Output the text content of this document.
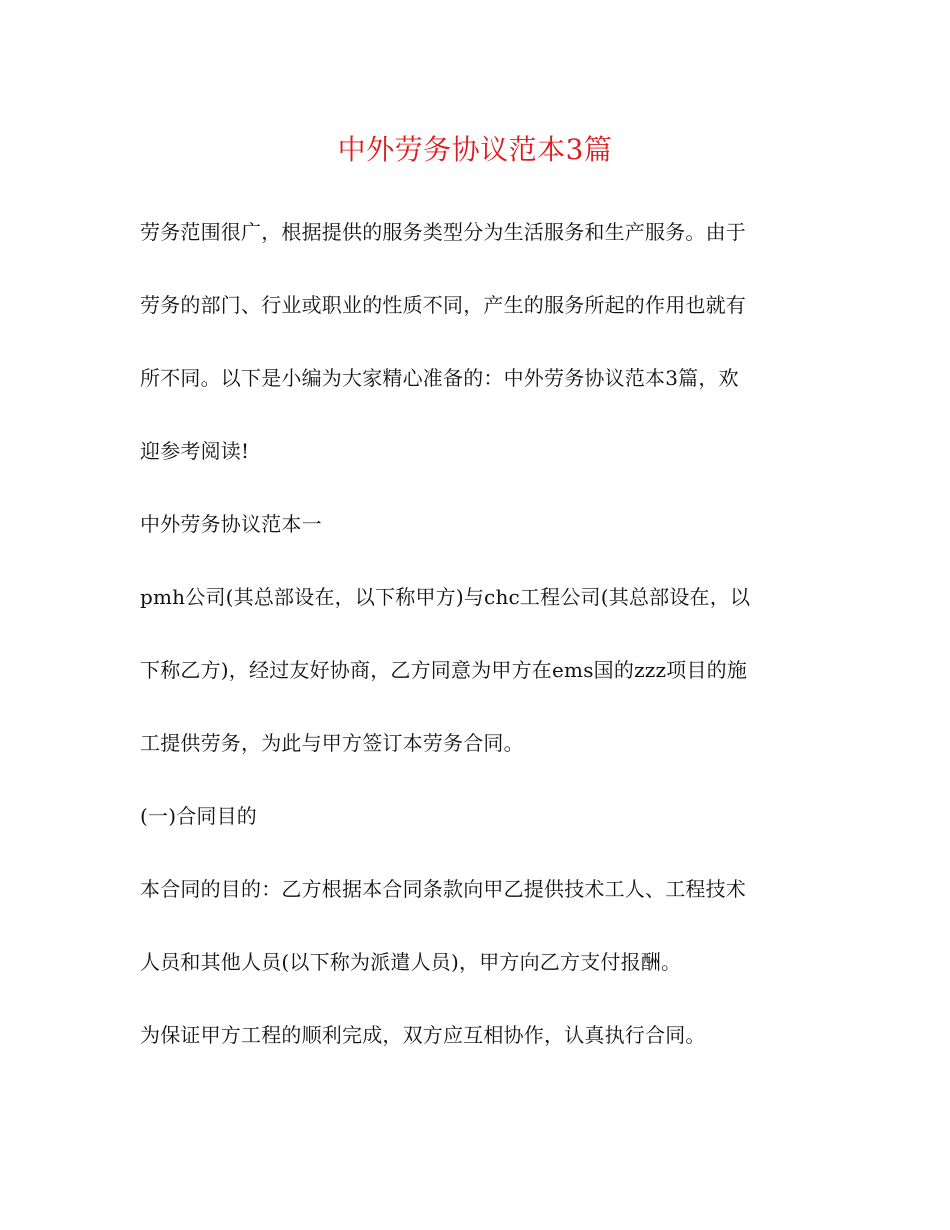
中外劳务协议范本3篇

劳务范围很广，根据提供的服务类型分为生活服务和生产服务。由于

劳务的部门、行业或职业的性质不同，产生的服务所起的作用也就有

所不同。以下是小编为大家精心准备的：中外劳务协议范本3篇，欢

迎参考阅读!

中外劳务协议范本一

pmh公司(其总部设在，以下称甲方)与chc工程公司(其总部设在，以

下称乙方)，经过友好协商，乙方同意为甲方在ems国的zzz项目的施

工提供劳务，为此与甲方签订本劳务合同。

(一)合同目的

本合同的目的：乙方根据本合同条款向甲乙提供技术工人、工程技术

人员和其他人员(以下称为派遣人员)，甲方向乙方支付报酬。

为保证甲方工程的顺利完成，双方应互相协作，认真执行合同。
